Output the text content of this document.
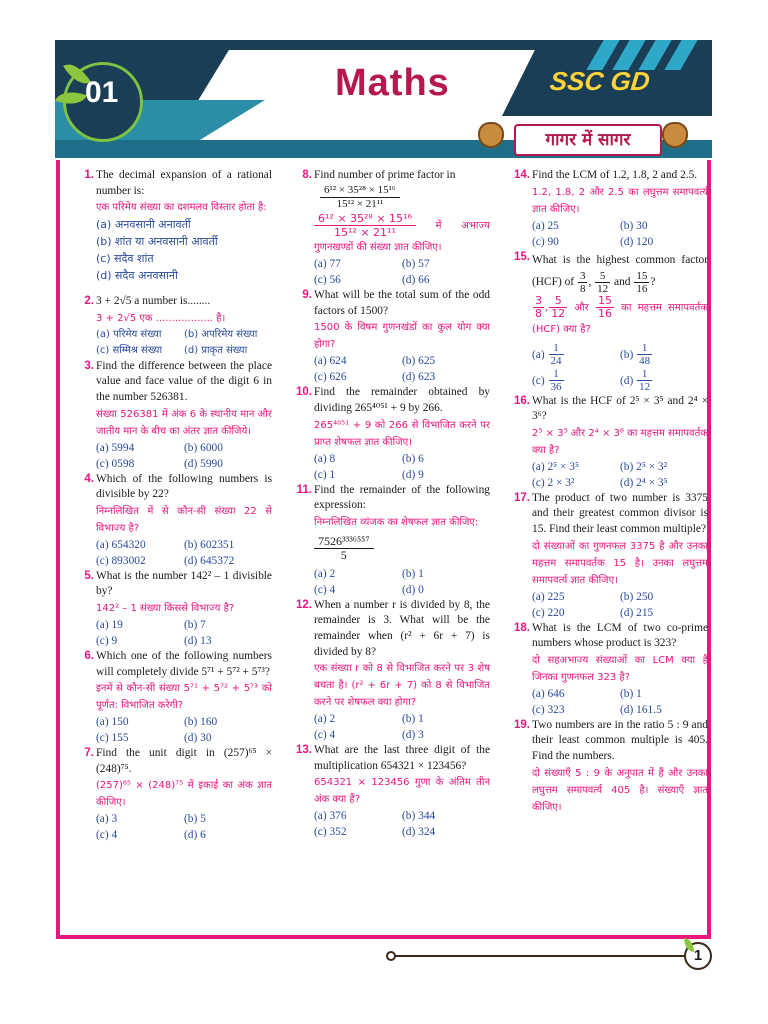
01	Maths	SSC GD
गागर में सागर
1. The decimal expansion of a rational number is:
एक परिमेय संख्या का दशमलव विस्तार होता है:
(a) अनवसानी अनावर्ती
(b) शांत या अनवसानी आवर्ती
(c) सदैव शांत
(d) सदैव अनवसानी
2. 3 + 2√5 a number is........
3 + 2√5 एक .................. है।
(a) परिमेय संख्या	(b) अपरिमेय संख्या
(c) सम्मिश्र संख्या	(d) प्राकृत संख्या
3. Find the difference between the place value and face value of the digit 6 in the number 526381.
संख्या 526381 में अंक 6 के स्थानीय मान और जातीय मान के बीच का अंतर ज्ञात कीजिये।
(a) 5994	(b) 6000
(c) 0598	(d) 5990
4. Which of the following numbers is divisible by 22?
निम्नलिखित में से कौन-सी संख्या 22 से विभाज्य है?
(a) 654320	(b) 602351
(c) 893002	(d) 645372
5. What is the number 142² – 1 divisible by?
142² – 1 संख्या किससे विभाज्य है?
(a) 19	(b) 7
(c) 9	(d) 13
6. Which one of the following numbers will completely divide 5⁷¹ + 5⁷² + 5⁷³?
इनमें से कौन-सी संख्या 5⁷¹ + 5⁷² + 5⁷³ को पूर्णत: विभाजित करेगी?
(a) 150	(b) 160
(c) 155	(d) 30
7. Find the unit digit in (257)⁶⁵ × (248)⁷⁵.
(257)⁶⁵ × (248)⁷⁵ में इकाई का अंक ज्ञात कीजिए।
(a) 3	(b) 5
(c) 4	(d) 6
8. Find number of prime factor in
$\frac{\text{6¹² × 35²⁸ × 15¹⁶}}{\text{15¹² × 21¹¹}}$
$\frac{\text{6¹² × 35²⁸ × 15¹⁶}}{\text{15¹² × 21¹¹}}$ में अभाज्य गुणनखण्डों की संख्या ज्ञात कीजिए।
(a) 77	(b) 57
(c) 56	(d) 66
9. What will be the total sum of the odd factors of 1500?
1500 के विषम गुणनखंडों का कुल योग क्या होगा?
(a) 624	(b) 625
(c) 626	(d) 623
10. Find the remainder obtained by dividing 265⁴⁰⁵¹ + 9 by 266.
265⁴⁰⁵¹ + 9 को 266 से विभाजित करने पर प्राप्त शेषफल ज्ञात कीजिए।
(a) 8	(b) 6
(c) 1	(d) 9
11. Find the remainder of the following expression:
निम्नलिखित व्यंजक का शेषफल ज्ञात कीजिए:
$\frac{\text{7526³³³⁶⁵⁵⁷}}{5}$
(a) 2	(b) 1
(c) 4	(d) 0
12. When a number r is divided by 8, the remainder is 3. What will be the remainder when (r² + 6r + 7) is divided by 8?
एक संख्या r को 8 से विभाजित करने पर 3 शेष बचता है। (r² + 6r + 7) को 8 से विभाजित करने पर शेषफल क्या होगा?
(a) 2	(b) 1
(c) 4	(d) 3
13. What are the last three digit of the multiplication 654321 × 123456?
654321 × 123456 गुणा के अंतिम तीन अंक क्या हैं?
(a) 376	(b) 344
(c) 352	(d) 324
14. Find the LCM of 1.2, 1.8, 2 and 2.5.
1.2, 1.8, 2 और 2.5 का लघुत्तम समापवर्त्य ज्ञात कीजिए।
(a) 25	(b) 30
(c) 90	(d) 120
15. What is the highest common factor (HCF) of $\frac{3}{8}$ , $\frac{5}{12}$ and $\frac{15}{16}$ ?
$\frac{3}{8}$ , $\frac{5}{12}$ और $\frac{15}{16}$ का महत्तम समापवर्तक (HCF) क्या है?
$(a) \frac{1}{24}$	$(b) \frac{1}{48}$
$(c) \frac{1}{36}$	$(d) \frac{1}{12}$
16. What is the HCF of 2⁵ × 3⁵ and 2⁴ × 3⁶?
2⁵ × 3⁵ और 2⁴ × 3⁶ का महत्तम समापवर्तक क्या है?
(a) 2⁵ × 3⁵	(b) 2⁵ × 3²
(c) 2 × 3²	(d) 2⁴ × 3⁵
17. The product of two number is 3375 and their greatest common divisor is 15. Find their least common multiple?
दो संख्याओं का गुणनफल 3375 है और उनका महत्तम समापवर्तक 15 है। उनका लघुत्तम समापवर्त्य ज्ञात कीजिए।
(a) 225	(b) 250
(c) 220	(d) 215
18. What is the LCM of two co-prime numbers whose product is 323?
दो सहअभाज्य संख्याओं का LCM क्या है जिनका गुणनफल 323 है?
(a) 646	(b) 1
(c) 323	(d) 161.5
19. Two numbers are in the ratio 5 : 9 and their least common multiple is 405. Find the numbers.
दो संख्याएँ 5 : 9 के अनुपात में हैं और उनका लघुत्तम समापवर्त्य 405 है। संख्याएँ ज्ञात कीजिए।
1
